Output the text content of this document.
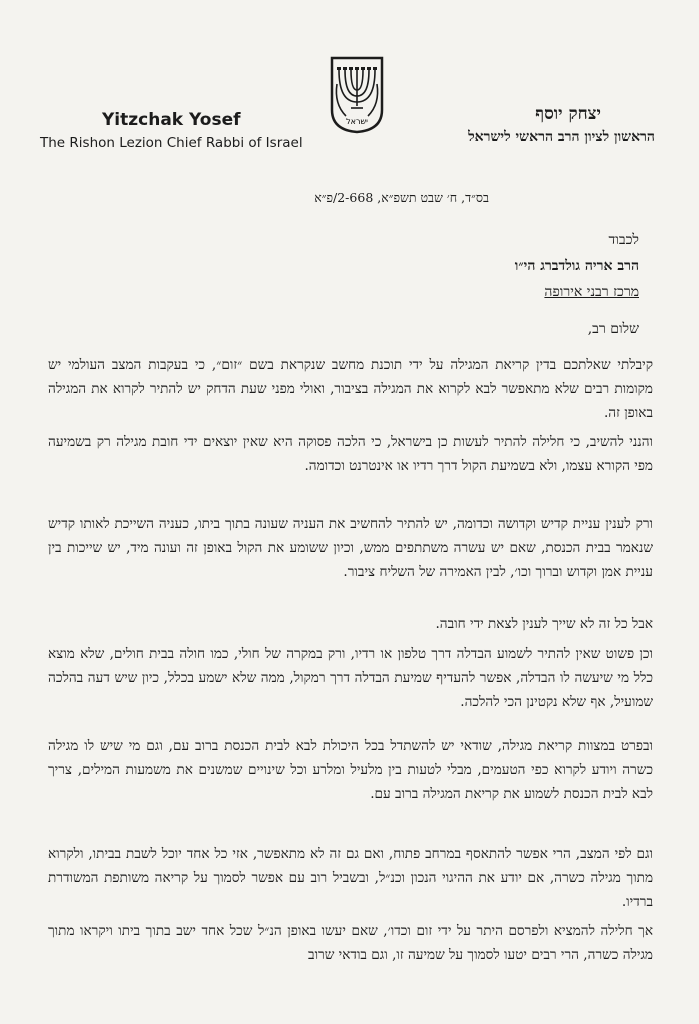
ישראל
Yitzchak Yosef
The Rishon Lezion Chief Rabbi of Israel
יצחק יוסף
הראשון לציון הרב הראשי לישראל
בס״ד, ח׳ שבט תשפ״א, 2-668/פ״א
לכבוד
הרב אריה גולדברג הי״ו
מרכז רבני אירופה
שלום רב,

קיבלתי שאלתכם בדין קריאת המגילה על ידי תוכנת מחשב שנקראת בשם ״זום״, כי בעקבות המצב העולמי יש מקומות רבים שלא מתאפשר לבא לקרוא את המגילה בציבור, ואולי מפני שעת הדחק יש להתיר לקרוא את המגילה באופן זה.

והנני להשיב, כי חלילה להתיר לעשות כן בישראל, כי הלכה פסוקה היא שאין יוצאים ידי חובת מגילה רק בשמיעה מפי הקורא עצמו, ולא בשמיעת הקול דרך רדיו או אינטרנט וכדומה.

ורק לענין עניית קדיש וקדושה וכדומה, יש להתיר להחשיב את העניה שעונה בתוך ביתו, כעניה השייכת לאותו קדיש שנאמר בבית הכנסת, שאם יש עשרה משתתפים ממש, וכיון ששומע את הקול באופן זה ועונה מיד, יש שייכות בין עניית אמן וקדוש וברוך וכו׳, לבין האמירה של השליח ציבור.

אבל כל זה לא שייך לענין לצאת ידי חובה.

וכן פשוט שאין להתיר לשמוע הבדלה דרך טלפון או רדיו, ורק במקרה של חולי, כמו חולה בבית חולים, שלא מוצא כלל מי שיעשה לו הבדלה, אפשר להעדיף שמיעת הבדלה דרך רמקול, ממה שלא ישמע בכלל, כיון שיש דעה בהלכה שמועיל, אף שלא נקטינן הכי להלכה.

ובפרט במצוות קריאת מגילה, שודאי יש להשתדל בכל היכולת לבא לבית הכנסת ברוב עם, וגם מי שיש לו מגילה כשרה ויודע לקרוא כפי הטעמים, מבלי לטעות בין מלעיל ומלרע וכל שינויים שמשנים את משמעות המילים, צריך לבא לבית הכנסת לשמוע את קריאת המגילה ברוב עם.

וגם לפי המצב, הרי אפשר להתאסף במרחב פתוח, ואם גם זה לא מתאפשר, אזי כל אחד יוכל לשבת בביתו, ולקרוא מתוך מגילה כשרה, אם יודע את ההיגוי הנכון וכנ״ל, ובשביל רוב עם אפשר לסמוך על קריאה משותפת המשודרת ברדיו.

אך חלילה להמציא ולפרסם היתר על ידי זום וכדו׳, שאם יעשו באופן הנ״ל שכל אחד ישב בתוך ביתו ויקראו מתוך מגילה כשרה, הרי רבים יטעו לסמוך על שמיעה זו, וגם בודאי שרוב
